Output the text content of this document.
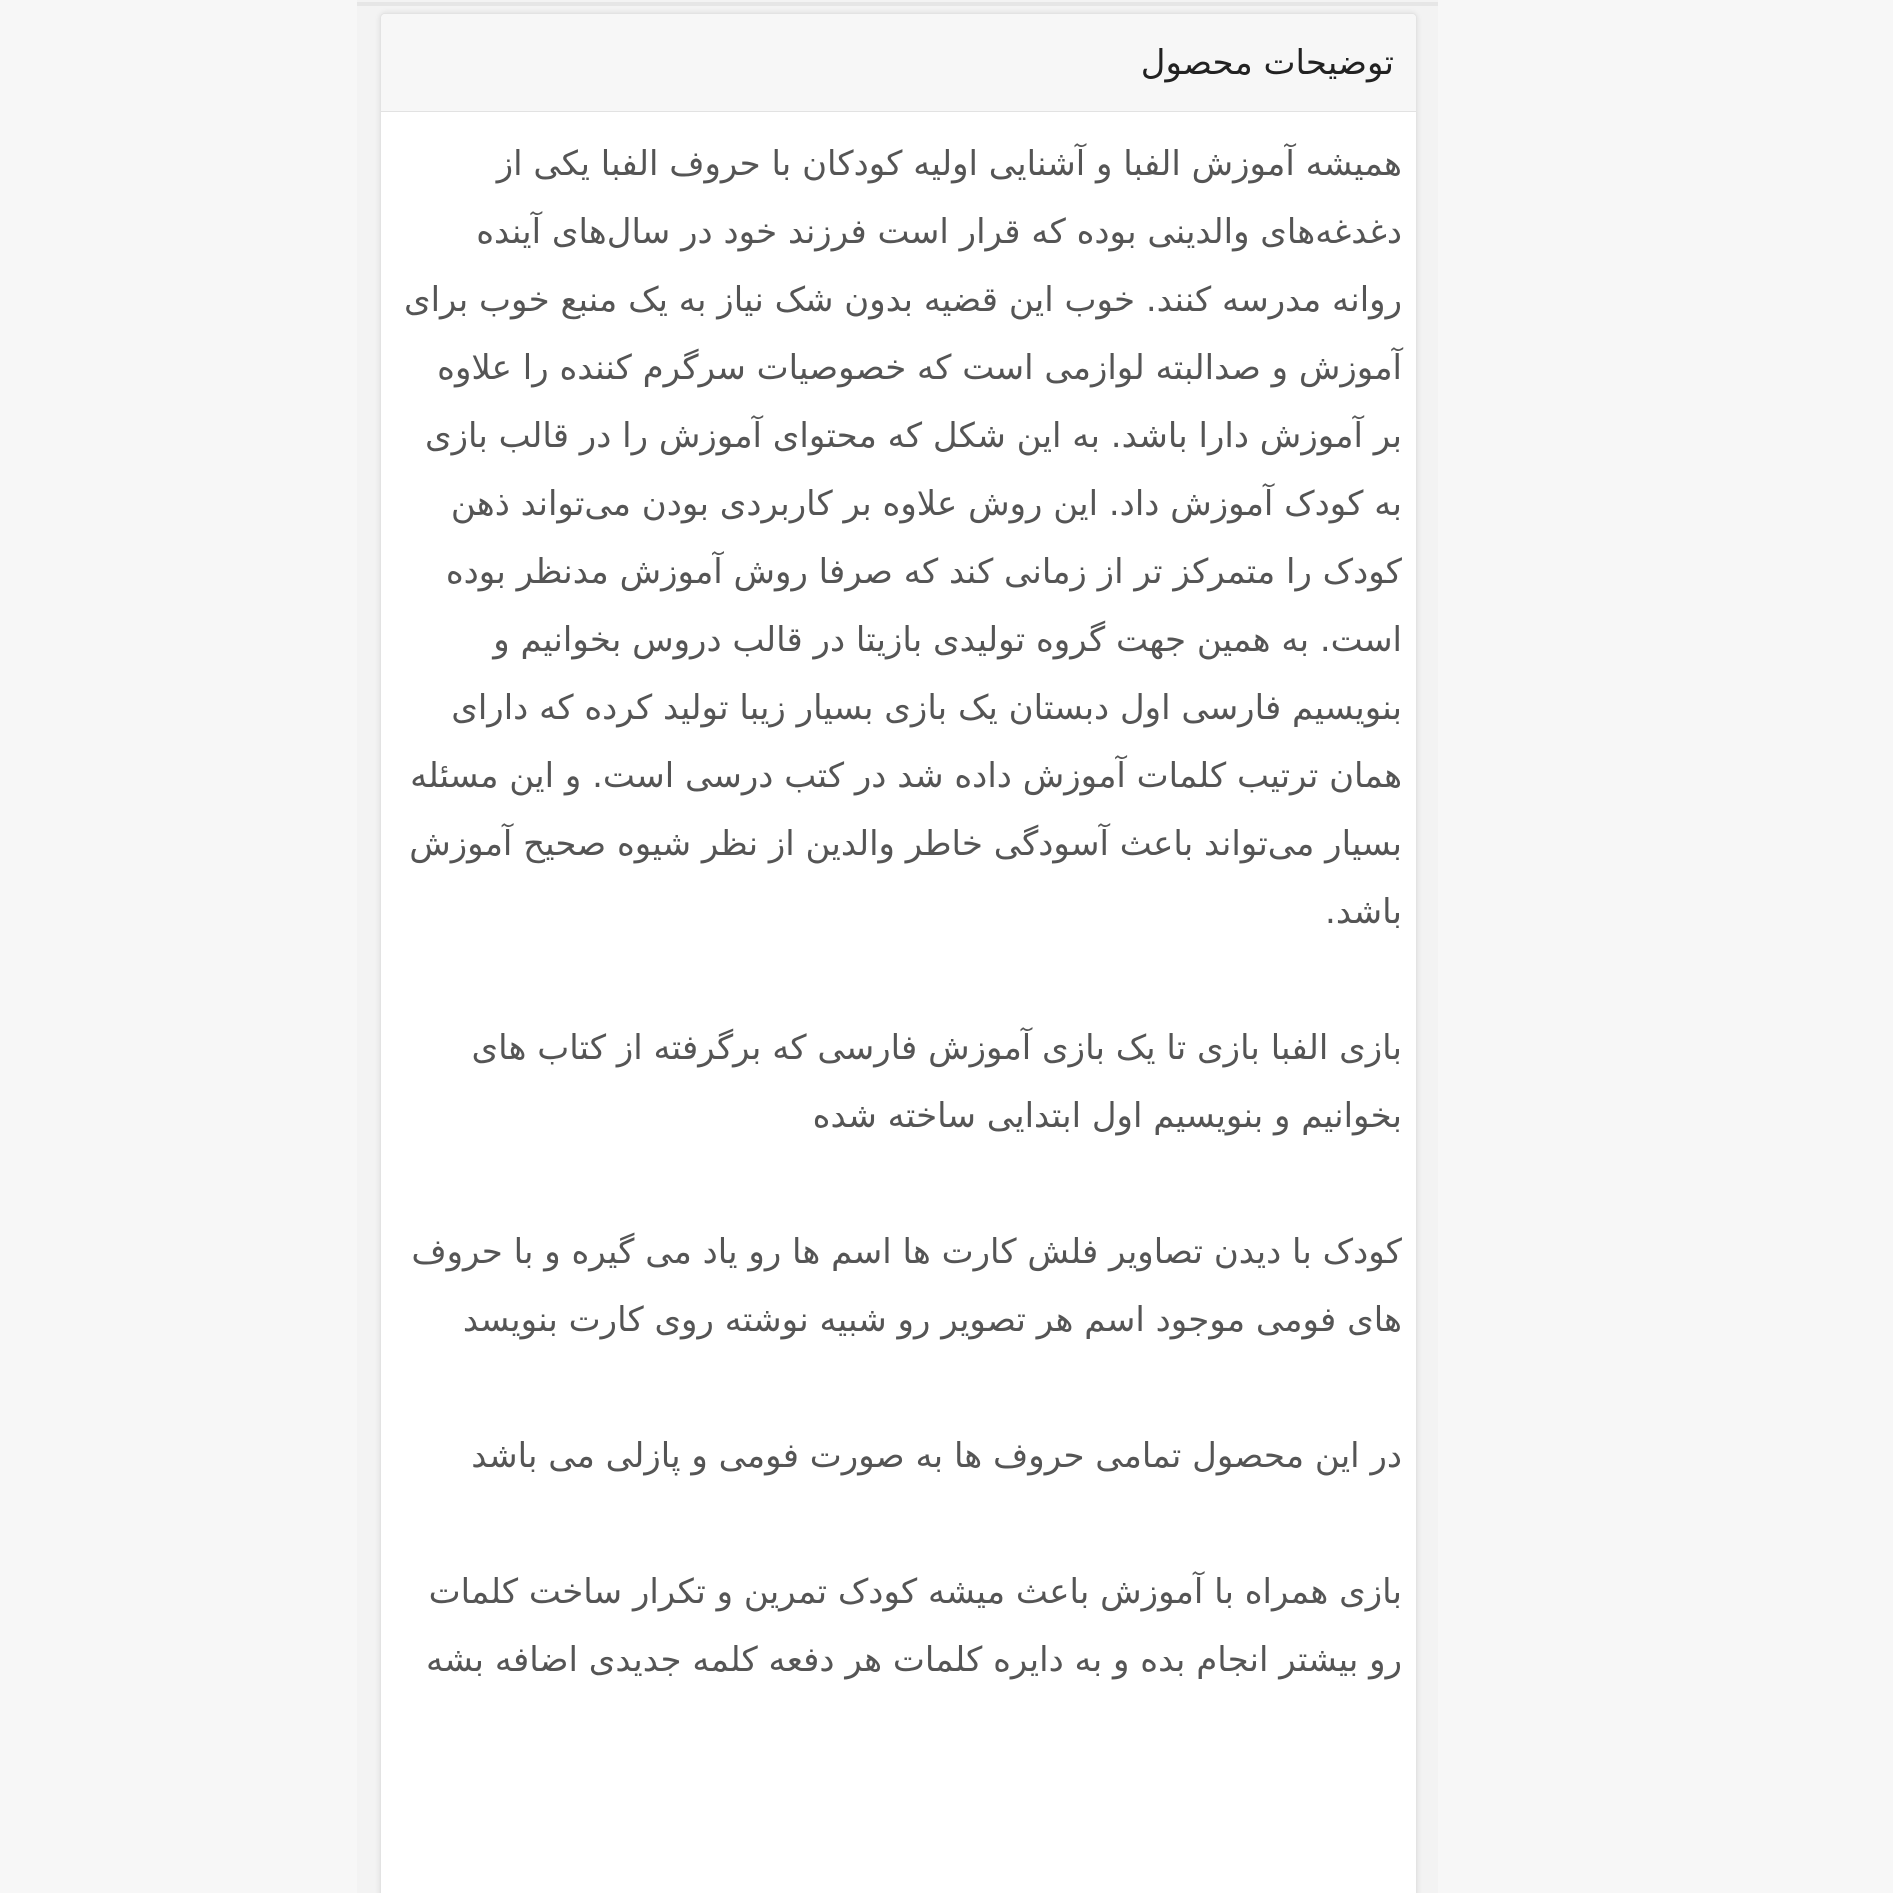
توضیحات محصول

همیشه آموزش الفبا و آشنایی اولیه کودکان با حروف الفبا یکی از دغدغه‌های والدینی بوده که قرار است فرزند خود در سال‌های آینده روانه مدرسه کنند. خوب این قضیه بدون شک نیاز به یک منبع خوب برای آموزش و صدالبته لوازمی است که خصوصیات سرگرم کننده را علاوه بر آموزش دارا باشد. به این شکل که محتوای آموزش را در قالب بازی به کودک آموزش داد. این روش علاوه بر کاربردی بودن می‌تواند ذهن کودک را متمرکز تر از زمانی کند که صرفا روش آموزش مدنظر بوده است. به همین جهت گروه تولیدی بازیتا در قالب دروس بخوانیم و بنویسیم فارسی اول دبستان یک بازی بسیار زیبا تولید کرده که دارای همان ترتیب کلمات آموزش داده شد در کتب درسی است. و این مسئله بسیار می‌تواند باعث آسودگی خاطر والدین از نظر شیوه صحیح آموزش باشد.

بازی الفبا بازی تا یک بازی آموزش فارسی که برگرفته از کتاب های بخوانیم و بنویسیم اول ابتدایی ساخته شده

کودک با دیدن تصاویر فلش کارت ها اسم ها رو یاد می گیره و با حروف های فومی موجود اسم هر تصویر رو شبیه نوشته روی کارت بنویسد

در این محصول تمامی حروف ها به صورت فومی و پازلی می باشد

بازی همراه با آموزش باعث میشه کودک تمرین و تکرار ساخت کلمات رو بیشتر انجام بده و به دایره کلمات هر دفعه کلمه جدیدی اضافه بشه
